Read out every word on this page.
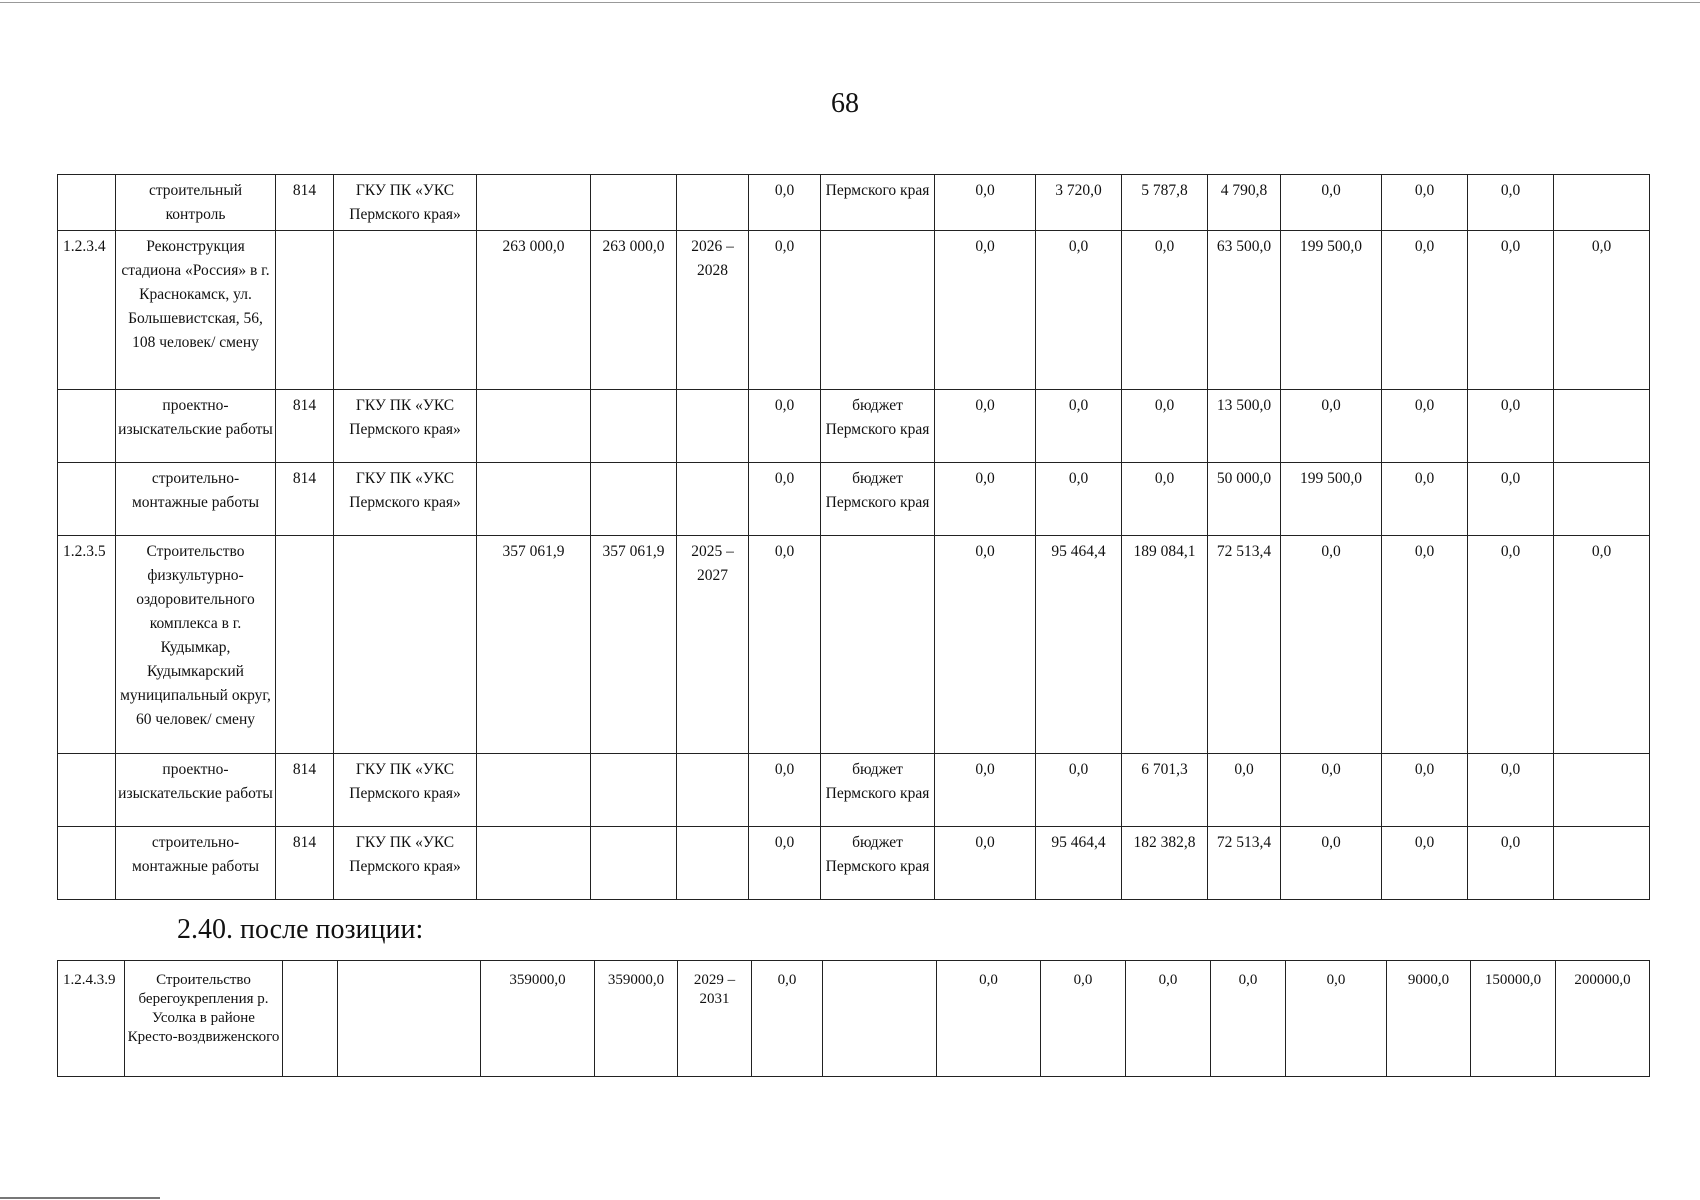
68
	строительный контроль	814	ГКУ ПК «УКС Пермского края»				0,0	Пермского края	0,0	3 720,0	5 787,8	4 790,8	0,0	0,0	0,0	
1.2.3.4	Реконструкция стадиона «Россия» в г. Краснокамск, ул. Большевистская, 56, 108 человек/ смену			263 000,0	263 000,0	2026 – 2028	0,0		0,0	0,0	0,0	63 500,0	199 500,0	0,0	0,0	0,0
	проектно-изыскательские работы	814	ГКУ ПК «УКС Пермского края»				0,0	бюджет Пермского края	0,0	0,0	0,0	13 500,0	0,0	0,0	0,0	
	строительно-монтажные работы	814	ГКУ ПК «УКС Пермского края»				0,0	бюджет Пермского края	0,0	0,0	0,0	50 000,0	199 500,0	0,0	0,0	
1.2.3.5	Строительство физкультурно-оздоровительного комплекса в г. Кудымкар, Кудымкарский муниципальный округ, 60 человек/ смену			357 061,9	357 061,9	2025 – 2027	0,0		0,0	95 464,4	189 084,1	72 513,4	0,0	0,0	0,0	0,0
	проектно-изыскательские работы	814	ГКУ ПК «УКС Пермского края»				0,0	бюджет Пермского края	0,0	0,0	6 701,3	0,0	0,0	0,0	0,0	
	строительно-монтажные работы	814	ГКУ ПК «УКС Пермского края»				0,0	бюджет Пермского края	0,0	95 464,4	182 382,8	72 513,4	0,0	0,0	0,0	
2.40. после позиции:
1.2.4.3.9	Строительство берегоукрепления р. Усолка в районе Кресто-воздвиженского			359000,0	359000,0	2029 – 2031	0,0		0,0	0,0	0,0	0,0	0,0	9000,0	150000,0	200000,0
